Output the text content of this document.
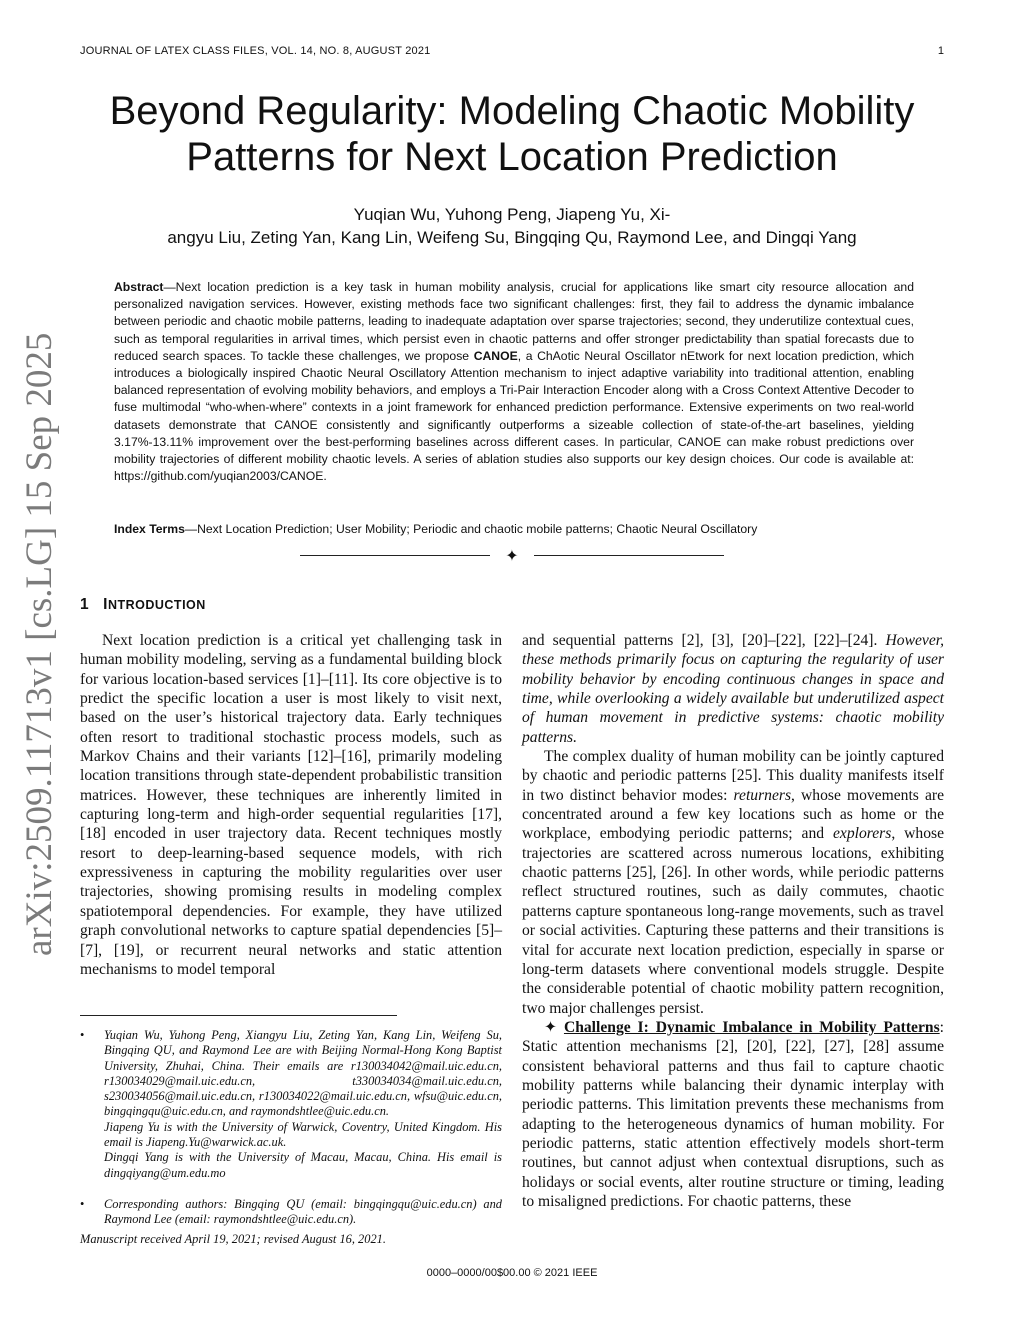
JOURNAL OF LATEX CLASS FILES, VOL. 14, NO. 8, AUGUST 2021	1
arXiv:2509.11713v1 [cs.LG] 15 Sep 2025
Beyond Regularity: Modeling Chaotic Mobility
Patterns for Next Location Prediction
Yuqian Wu, Yuhong Peng, Jiapeng Yu, Xi-
angyu Liu, Zeting Yan, Kang Lin, Weifeng Su, Bingqing Qu, Raymond Lee, and Dingqi Yang
Abstract—Next location prediction is a key task in human mobility analysis, crucial for applications like smart city resource allocation and personalized navigation services. However, existing methods face two significant challenges: first, they fail to address the dynamic imbalance between periodic and chaotic mobile patterns, leading to inadequate adaptation over sparse trajectories; second, they underutilize contextual cues, such as temporal regularities in arrival times, which persist even in chaotic patterns and offer stronger predictability than spatial forecasts due to reduced search spaces. To tackle these challenges, we propose CANOE, a ChAotic Neural Oscillator nEtwork for next location prediction, which introduces a biologically inspired Chaotic Neural Oscillatory Attention mechanism to inject adaptive variability into traditional attention, enabling balanced representation of evolving mobility behaviors, and employs a Tri-Pair Interaction Encoder along with a Cross Context Attentive Decoder to fuse multimodal “who-when-where” contexts in a joint framework for enhanced prediction performance. Extensive experiments on two real-world datasets demonstrate that CANOE consistently and significantly outperforms a sizeable collection of state-of-the-art baselines, yielding 3.17%-13.11% improvement over the best-performing baselines across different cases. In particular, CANOE can make robust predictions over mobility trajectories of different mobility chaotic levels. A series of ablation studies also supports our key design choices. Our code is available at: https://github.com/yuqian2003/CANOE.
Index Terms—Next Location Prediction; User Mobility; Periodic and chaotic mobile patterns; Chaotic Neural Oscillatory
✦
1 INTRODUCTION

Next location prediction is a critical yet challenging task in human mobility modeling, serving as a fundamental building block for various location-based services [1]–[11]. Its core objective is to predict the specific location a user is most likely to visit next, based on the user’s historical trajectory data. Early techniques often resort to traditional stochastic process models, such as Markov Chains and their variants [12]–[16], primarily modeling location transitions through state-dependent probabilistic transition matrices. However, these techniques are inherently limited in capturing long-term and high-order sequential regularities [17], [18] encoded in user trajectory data. Recent techniques mostly resort to deep-learning-based sequence models, with rich expressiveness in capturing the mobility regularities over user trajectories, showing promising results in modeling complex spatiotemporal dependencies. For example, they have utilized graph convolutional networks to capture spatial dependencies [5]–[7], [19], or recurrent neural networks and static attention mechanisms to model temporal

• Yuqian Wu, Yuhong Peng, Xiangyu Liu, Zeting Yan, Kang Lin, Weifeng Su, Bingqing QU, and Raymond Lee are with Beijing Normal-Hong Kong Baptist University, Zhuhai, China. Their emails are r130034042@mail.uic.edu.cn, r130034029@mail.uic.edu.cn, t330034034@mail.uic.edu.cn, s230034056@mail.uic.edu.cn, r130034022@mail.uic.edu.cn, wfsu@uic.edu.cn, bingqingqu@uic.edu.cn, and raymondshtlee@uic.edu.cn.

Jiapeng Yu is with the University of Warwick, Coventry, United Kingdom. His email is Jiapeng.Yu@warwick.ac.uk.

Dingqi Yang is with the University of Macau, Macau, China. His email is dingqiyang@um.edu.mo

• Corresponding authors: Bingqing QU (email: bingqingqu@uic.edu.cn) and Raymond Lee (email: raymondshtlee@uic.edu.cn).

Manuscript received April 19, 2021; revised August 16, 2021.

and sequential patterns [2], [3], [20]–[22], [22]–[24]. However, these methods primarily focus on capturing the regularity of user mobility behavior by encoding continuous changes in space and time, while overlooking a widely available but underutilized aspect of human movement in predictive systems: chaotic mobility patterns.

The complex duality of human mobility can be jointly captured by chaotic and periodic patterns [25]. This duality manifests itself in two distinct behavior modes: returners, whose movements are concentrated around a few key locations such as home or the workplace, embodying periodic patterns; and explorers, whose trajectories are scattered across numerous locations, exhibiting chaotic patterns [25], [26]. In other words, while periodic patterns reflect structured routines, such as daily commutes, chaotic patterns capture spontaneous long-range movements, such as travel or social activities. Capturing these patterns and their transitions is vital for accurate next location prediction, especially in sparse or long-term datasets where conventional models struggle. Despite the considerable potential of chaotic mobility pattern recognition, two major challenges persist.

✦ Challenge I: Dynamic Imbalance in Mobility Patterns: Static attention mechanisms [2], [20], [22], [27], [28] assume consistent behavioral patterns and thus fail to capture chaotic mobility patterns while balancing their dynamic interplay with periodic patterns. This limitation prevents these mechanisms from adapting to the heterogeneous dynamics of human mobility. For periodic patterns, static attention effectively models short-term routines, but cannot adjust when contextual disruptions, such as holidays or social events, alter routine structure or timing, leading to misaligned predictions. For chaotic patterns, these

0000–0000/00$00.00 © 2021 IEEE
